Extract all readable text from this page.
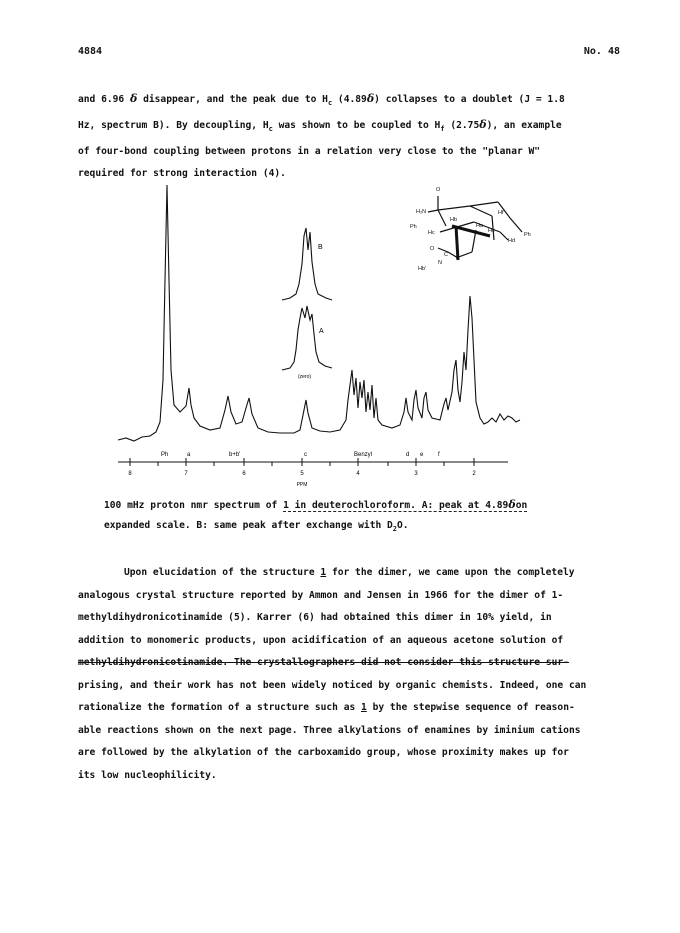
4884	No. 48

and 6.96 δ disappear, and the peak due to $H_c$ (4.89δ) collapses to a doublet (J = 1.8

Hz, spectrum B). By decoupling, $H_c$ was shown to be coupled to $H_f$ (2.75δ), an example

of four-bond coupling between protons in a relation very close to the "planar W"

required for strong interaction (4).

B
A
(zero)
Ph	a	b+b'	c	Benzyl	d e f
8	7	6	5	4	3	2
PPM
O
H₂N
Ph
Hc
Hb
Ha
He
Ph
Hd
Hf
O
C
N
Hb’
100 mHz proton nmr spectrum of 1 in deuterochloroform. A: peak at 4.89δon
expanded scale. B: same peak after exchange with $D_2O$.

Upon elucidation of the structure 1 for the dimer, we came upon the completely

analogous crystal structure reported by Ammon and Jensen in 1966 for the dimer of 1-

methyldihydronicotinamide (5). Karrer (6) had obtained this dimer in 10% yield, in

addition to monomeric products, upon acidification of an aqueous acetone solution of

methyldihydronicotinamide. The crystallographers did not consider this structure sur-

prising, and their work has not been widely noticed by organic chemists. Indeed, one can

rationalize the formation of a structure such as 1 by the stepwise sequence of reason-

able reactions shown on the next page. Three alkylations of enamines by iminium cations

are followed by the alkylation of the carboxamido group, whose proximity makes up for

its low nucleophilicity.
